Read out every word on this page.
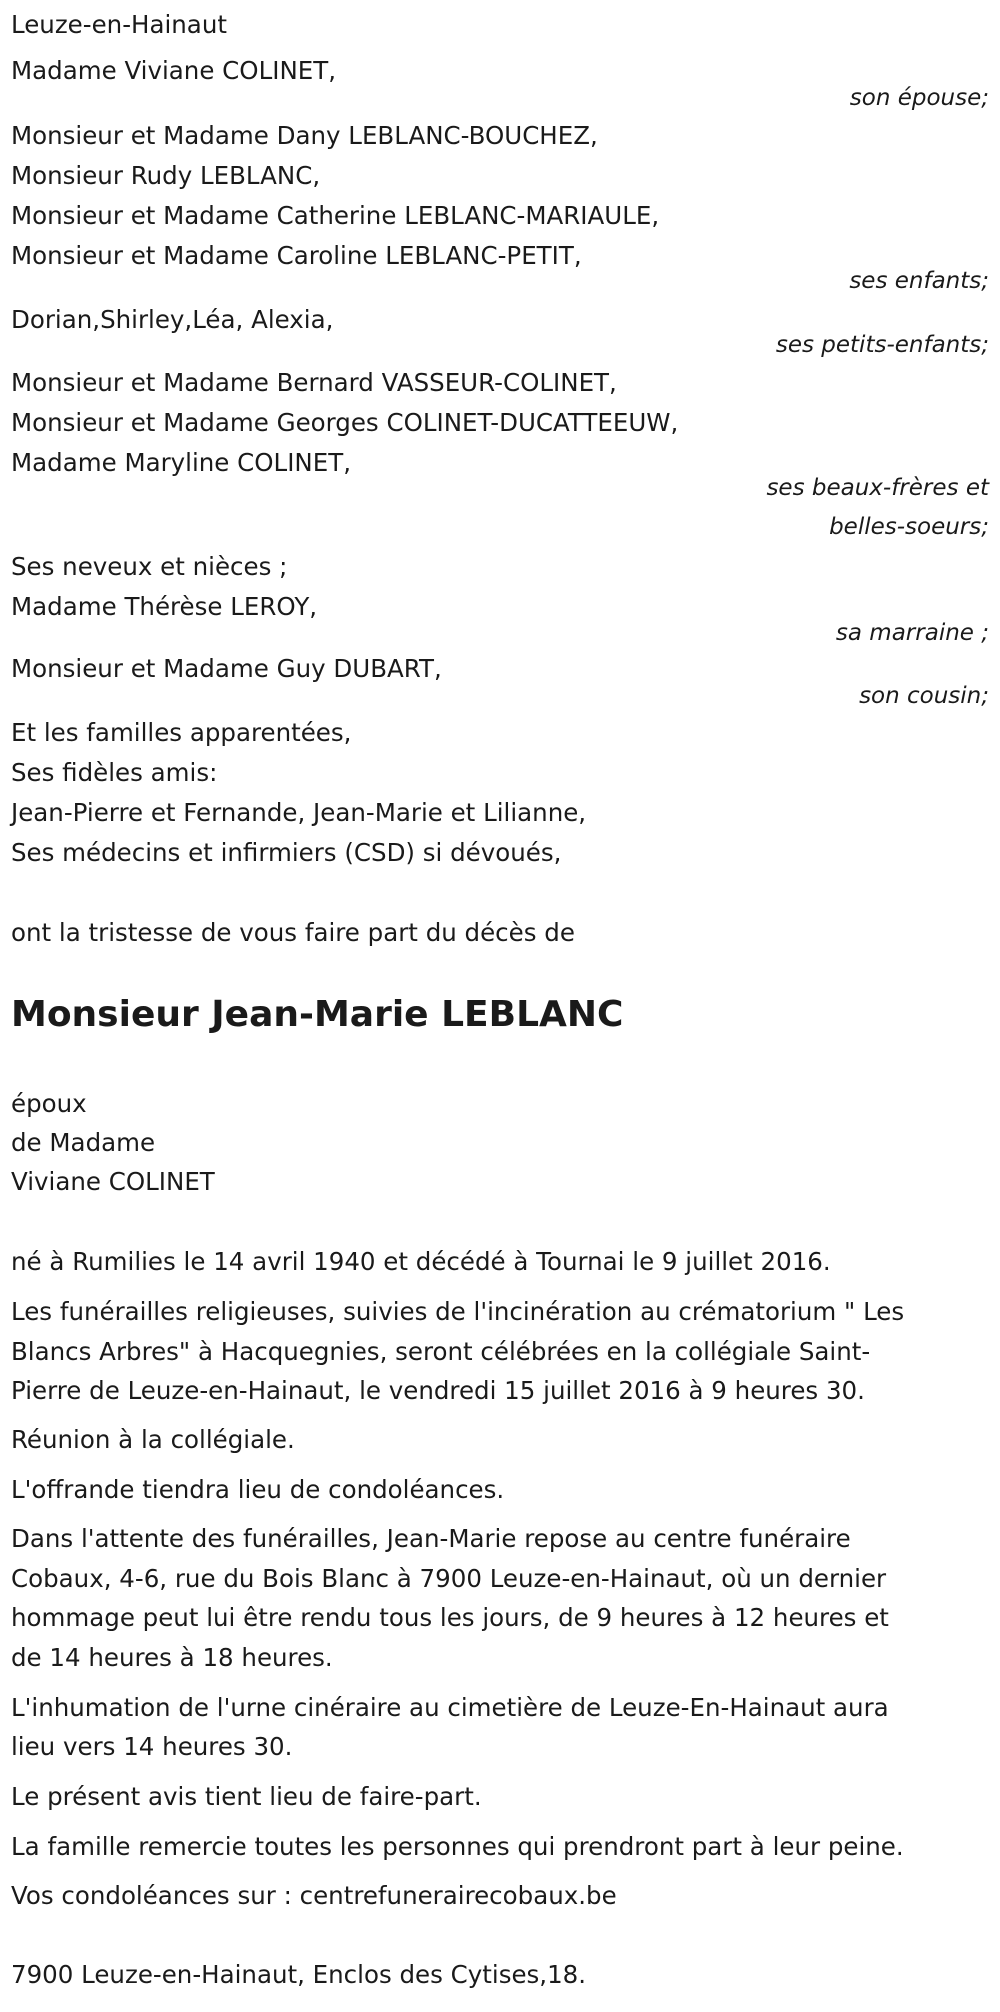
Leuze-en-Hainaut

Madame Viviane COLINET,

son épouse;

Monsieur et Madame Dany LEBLANC-BOUCHEZ,

Monsieur Rudy LEBLANC,

Monsieur et Madame Catherine LEBLANC-MARIAULE,

Monsieur et Madame Caroline LEBLANC-PETIT,

ses enfants;

Dorian,Shirley,Léa, Alexia,

ses petits-enfants;

Monsieur et Madame Bernard VASSEUR-COLINET,

Monsieur et Madame Georges COLINET-DUCATTEEUW,

Madame Maryline COLINET,

ses beaux-frères et

belles-soeurs;

Ses neveux et nièces ;

Madame Thérèse LEROY,

sa marraine ;

Monsieur et Madame Guy DUBART,

son cousin;

Et les familles apparentées,

Ses fidèles amis:

Jean-Pierre et Fernande, Jean-Marie et Lilianne,

Ses médecins et infirmiers (CSD) si dévoués,

ont la tristesse de vous faire part du décès de

Monsieur Jean-Marie LEBLANC

époux

de Madame

Viviane COLINET

né à Rumilies le 14 avril 1940 et décédé à Tournai le 9 juillet 2016.

Les funérailles religieuses, suivies de l'incinération au crématorium " Les

Blancs Arbres" à Hacquegnies, seront célébrées en la collégiale Saint-

Pierre de Leuze-en-Hainaut, le vendredi 15 juillet 2016 à 9 heures 30.

Réunion à la collégiale.

L'offrande tiendra lieu de condoléances.

Dans l'attente des funérailles, Jean-Marie repose au centre funéraire

Cobaux, 4-6, rue du Bois Blanc à 7900 Leuze-en-Hainaut, où un dernier

hommage peut lui être rendu tous les jours, de 9 heures à 12 heures et

de 14 heures à 18 heures.

L'inhumation de l'urne cinéraire au cimetière de Leuze-En-Hainaut aura

lieu vers 14 heures 30.

Le présent avis tient lieu de faire-part.

La famille remercie toutes les personnes qui prendront part à leur peine.

Vos condoléances sur : centrefunerairecobaux.be

7900 Leuze-en-Hainaut, Enclos des Cytises,18.
